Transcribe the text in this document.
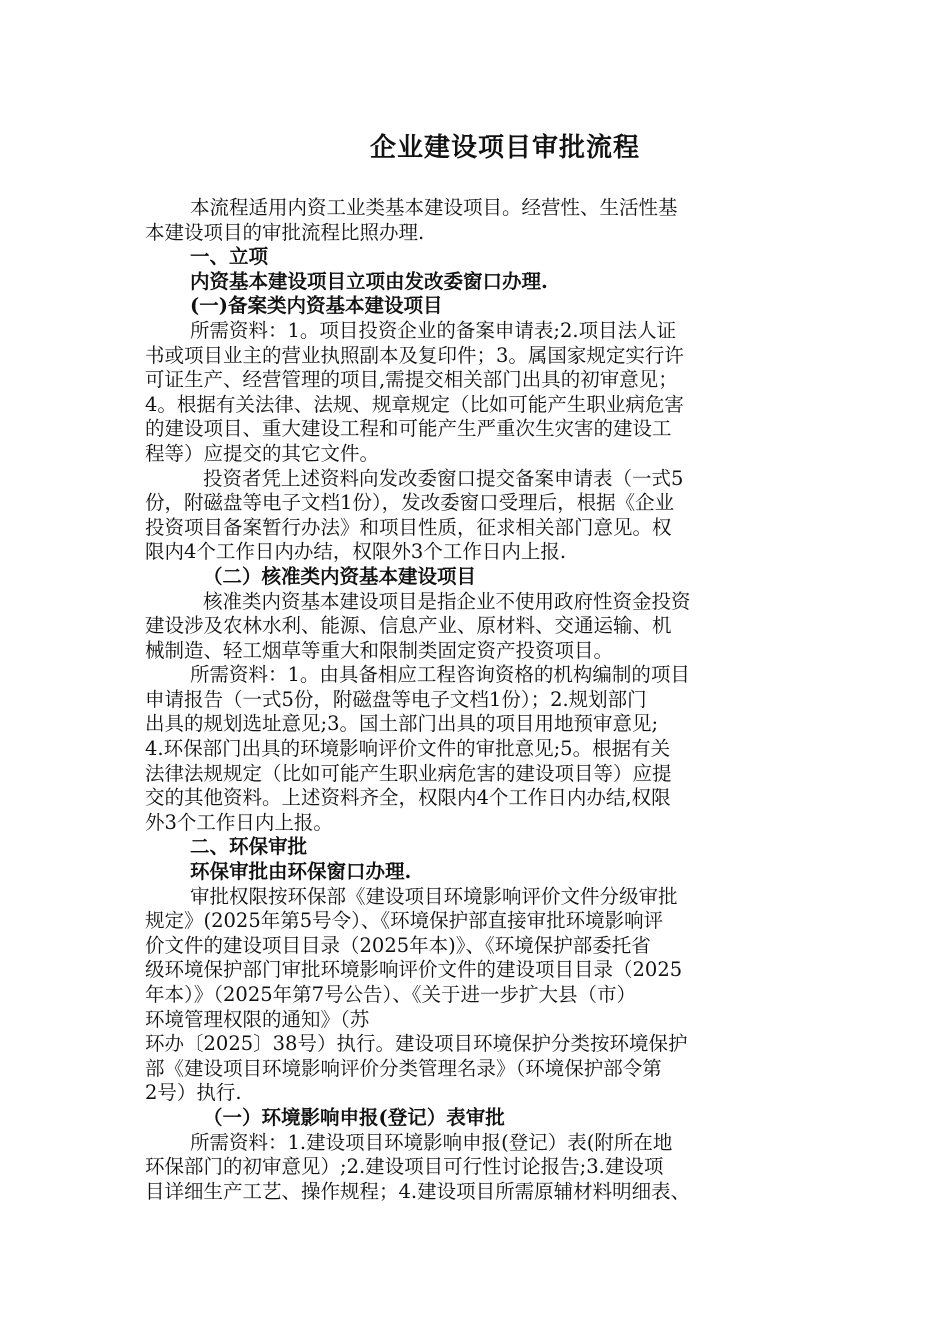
企业建设项目审批流程
本流程适用内资工业类基本建设项目。经营性、生活性基
本建设项目的审批流程比照办理.
一、立项
内资基本建设项目立项由发改委窗口办理.
(一)备案类内资基本建设项目
所需资料：1。项目投资企业的备案申请表;2.项目法人证
书或项目业主的营业执照副本及复印件；3。属国家规定实行许
可证生产、经营管理的项目,需提交相关部门出具的初审意见；
4。根据有关法律、法规、规章规定（比如可能产生职业病危害
的建设项目、重大建设工程和可能产生严重次生灾害的建设工
程等）应提交的其它文件。
投资者凭上述资料向发改委窗口提交备案申请表（一式5
份，附磁盘等电子文档1份），发改委窗口受理后，根据《企业
投资项目备案暂行办法》和项目性质，征求相关部门意见。权
限内4个工作日内办结，权限外3个工作日内上报.
（二）核准类内资基本建设项目
核准类内资基本建设项目是指企业不使用政府性资金投资
建设涉及农林水利、能源、信息产业、原材料、交通运输、机
械制造、轻工烟草等重大和限制类固定资产投资项目。
所需资料：1。由具备相应工程咨询资格的机构编制的项目
申请报告（一式5份，附磁盘等电子文档1份）；2.规划部门
出具的规划选址意见;3。国土部门出具的项目用地预审意见;
4.环保部门出具的环境影响评价文件的审批意见;5。根据有关
法律法规规定（比如可能产生职业病危害的建设项目等）应提
交的其他资料。上述资料齐全，权限内4个工作日内办结,权限
外3个工作日内上报。
二、环保审批
环保审批由环保窗口办理.
审批权限按环保部《建设项目环境影响评价文件分级审批
规定》(2025年第5号令）、《环境保护部直接审批环境影响评
价文件的建设项目目录（2025年本)》、《环境保护部委托省
级环境保护部门审批环境影响评价文件的建设项目目录（2025
年本）》（2025年第7号公告）、《关于进一步扩大县（市）
环境管理权限的通知》（苏
环办〔2025〕38号）执行。建设项目环境保护分类按环境保护
部《建设项目环境影响评价分类管理名录》（环境保护部令第
2号）执行.
（一）环境影响申报(登记）表审批
所需资料：1.建设项目环境影响申报(登记）表(附所在地
环保部门的初审意见）;2.建设项目可行性讨论报告;3.建设项
目详细生产工艺、操作规程；4.建设项目所需原辅材料明细表、
